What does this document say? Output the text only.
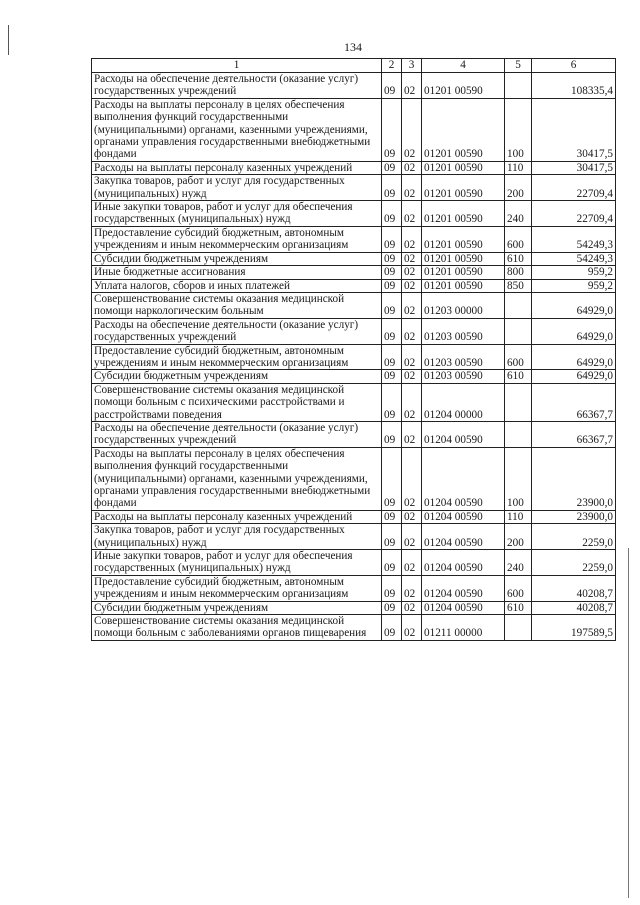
134
1	2	3	4	5	6
Расходы на обеспечение деятельности (оказание услуг) государственных учреждений	09	02	01201 00590		108335,4
Расходы на выплаты персоналу в целях обеспечения выполнения функций государственными (муниципальными) органами, казенными учреждениями, органами управления государственными внебюджетными фондами	09	02	01201 00590	100	30417,5
Расходы на выплаты персоналу казенных учреждений	09	02	01201 00590	110	30417,5
Закупка товаров, работ и услуг для государственных (муниципальных) нужд	09	02	01201 00590	200	22709,4
Иные закупки товаров, работ и услуг для обеспечения государственных (муниципальных) нужд	09	02	01201 00590	240	22709,4
Предоставление субсидий бюджетным, автономным учреждениям и иным некоммерческим организациям	09	02	01201 00590	600	54249,3
Субсидии бюджетным учреждениям	09	02	01201 00590	610	54249,3
Иные бюджетные ассигнования	09	02	01201 00590	800	959,2
Уплата налогов, сборов и иных платежей	09	02	01201 00590	850	959,2
Совершенствование системы оказания медицинской помощи наркологическим больным	09	02	01203 00000		64929,0
Расходы на обеспечение деятельности (оказание услуг) государственных учреждений	09	02	01203 00590		64929,0
Предоставление субсидий бюджетным, автономным учреждениям и иным некоммерческим организациям	09	02	01203 00590	600	64929,0
Субсидии бюджетным учреждениям	09	02	01203 00590	610	64929,0
Совершенствование системы оказания медицинской помощи больным с психическими расстройствами и расстройствами поведения	09	02	01204 00000		66367,7
Расходы на обеспечение деятельности (оказание услуг) государственных учреждений	09	02	01204 00590		66367,7
Расходы на выплаты персоналу в целях обеспечения выполнения функций государственными (муниципальными) органами, казенными учреждениями, органами управления государственными внебюджетными фондами	09	02	01204 00590	100	23900,0
Расходы на выплаты персоналу казенных учреждений	09	02	01204 00590	110	23900,0
Закупка товаров, работ и услуг для государственных (муниципальных) нужд	09	02	01204 00590	200	2259,0
Иные закупки товаров, работ и услуг для обеспечения государственных (муниципальных) нужд	09	02	01204 00590	240	2259,0
Предоставление субсидий бюджетным, автономным учреждениям и иным некоммерческим организациям	09	02	01204 00590	600	40208,7
Субсидии бюджетным учреждениям	09	02	01204 00590	610	40208,7
Совершенствование системы оказания медицинской помощи больным с заболеваниями органов пищеварения	09	02	01211 00000		197589,5
